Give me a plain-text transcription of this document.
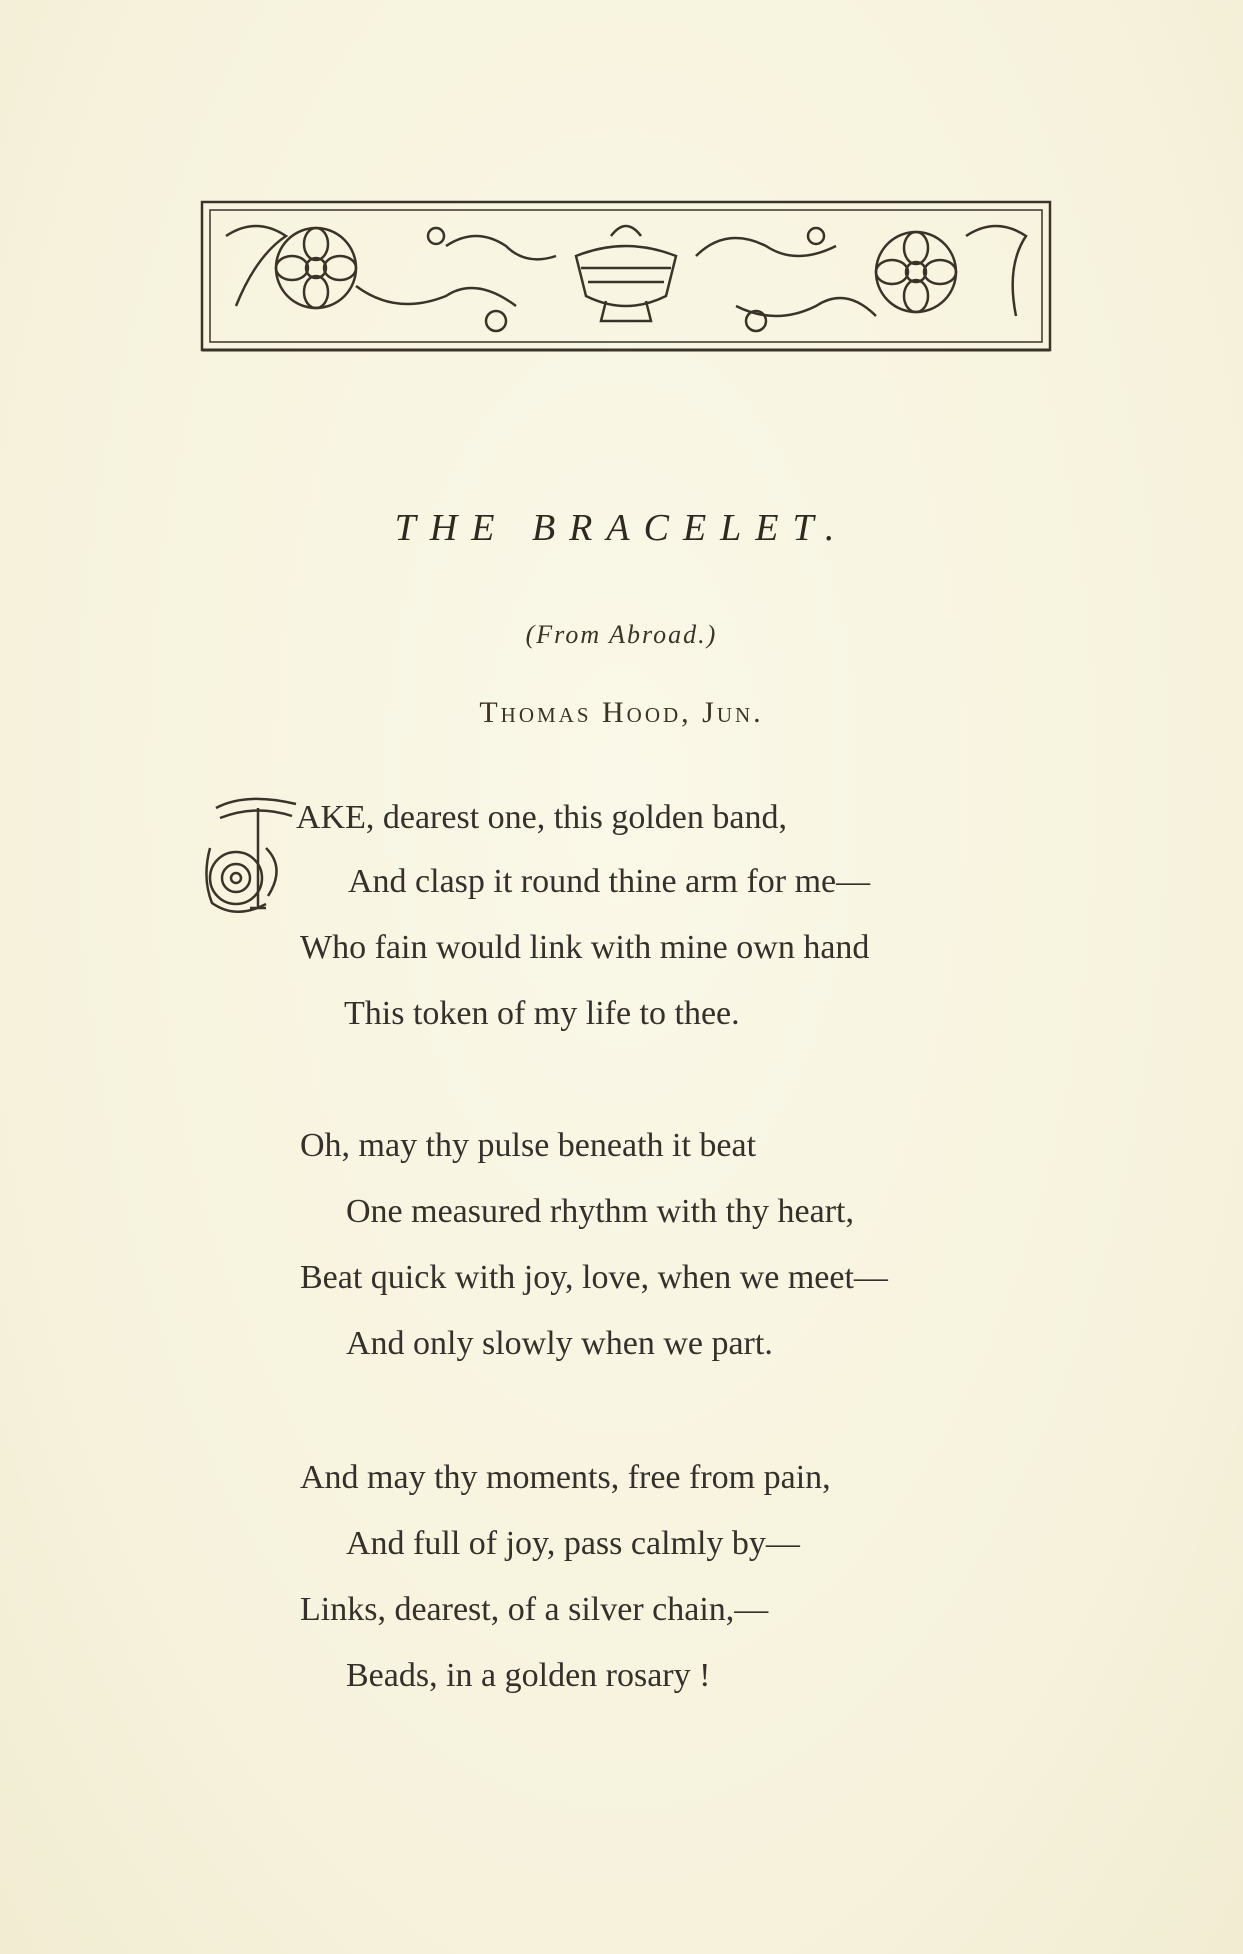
THE BRACELET.
(From Abroad.)
Thomas Hood, Jun.
AKE, dearest one, this golden band,
And clasp it round thine arm for me—
Who fain would link with mine own hand
This token of my life to thee.
Oh, may thy pulse beneath it beat
One measured rhythm with thy heart,
Beat quick with joy, love, when we meet—
And only slowly when we part.
And may thy moments, free from pain,
And full of joy, pass calmly by—
Links, dearest, of a silver chain,—
Beads, in a golden rosary !
